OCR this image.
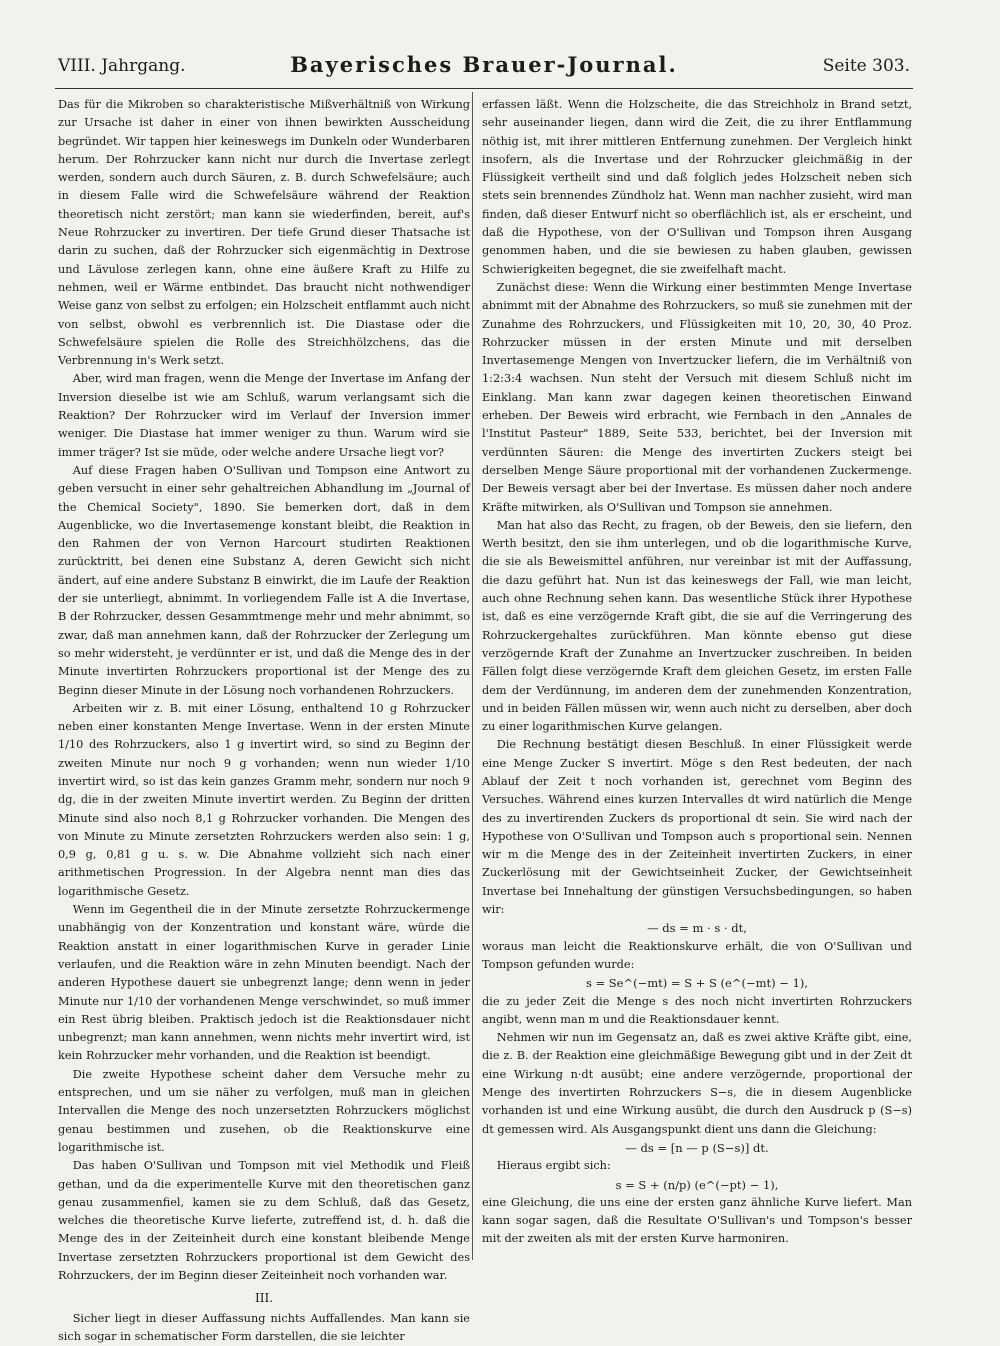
VIII. Jahrgang.	Bayerisches Brauer-Journal.	Seite 303.

Das für die Mikroben so charakteristische Mißverhältniß von Wirkung zur Ursache ist daher in einer von ihnen bewirkten Ausscheidung begründet. Wir tappen hier keineswegs im Dunkeln oder Wunderbaren herum. Der Rohrzucker kann nicht nur durch die Invertase zerlegt werden, sondern auch durch Säuren, z. B. durch Schwefelsäure; auch in diesem Falle wird die Schwefelsäure während der Reaktion theoretisch nicht zerstört; man kann sie wiederfinden, bereit, auf's Neue Rohrzucker zu invertiren. Der tiefe Grund dieser Thatsache ist darin zu suchen, daß der Rohrzucker sich eigenmächtig in Dextrose und Lävulose zerlegen kann, ohne eine äußere Kraft zu Hilfe zu nehmen, weil er Wärme entbindet. Das braucht nicht nothwendiger Weise ganz von selbst zu erfolgen; ein Holzscheit entflammt auch nicht von selbst, obwohl es verbrennlich ist. Die Diastase oder die Schwefelsäure spielen die Rolle des Streichhölzchens, das die Verbrennung in's Werk setzt.

Aber, wird man fragen, wenn die Menge der Invertase im Anfang der Inversion dieselbe ist wie am Schluß, warum verlangsamt sich die Reaktion? Der Rohrzucker wird im Verlauf der Inversion immer weniger. Die Diastase hat immer weniger zu thun. Warum wird sie immer träger? Ist sie müde, oder welche andere Ursache liegt vor?

Auf diese Fragen haben O'Sullivan und Tompson eine Antwort zu geben versucht in einer sehr gehaltreichen Abhandlung im „Journal of the Chemical Society", 1890. Sie bemerken dort, daß in dem Augenblicke, wo die Invertasemenge konstant bleibt, die Reaktion in den Rahmen der von Vernon Harcourt studirten Reaktionen zurücktritt, bei denen eine Substanz A, deren Gewicht sich nicht ändert, auf eine andere Substanz B einwirkt, die im Laufe der Reaktion der sie unterliegt, abnimmt. In vorliegendem Falle ist A die Invertase, B der Rohrzucker, dessen Gesammtmenge mehr und mehr abnimmt, so zwar, daß man annehmen kann, daß der Rohrzucker der Zerlegung um so mehr widersteht, je verdünnter er ist, und daß die Menge des in der Minute invertirten Rohrzuckers proportional ist der Menge des zu Beginn dieser Minute in der Lösung noch vorhandenen Rohrzuckers.

Arbeiten wir z. B. mit einer Lösung, enthaltend 10 g Rohrzucker neben einer konstanten Menge Invertase. Wenn in der ersten Minute 1/10 des Rohrzuckers, also 1 g invertirt wird, so sind zu Beginn der zweiten Minute nur noch 9 g vorhanden; wenn nun wieder 1/10 invertirt wird, so ist das kein ganzes Gramm mehr, sondern nur noch 9 dg, die in der zweiten Minute invertirt werden. Zu Beginn der dritten Minute sind also noch 8,1 g Rohrzucker vorhanden. Die Mengen des von Minute zu Minute zersetzten Rohrzuckers werden also sein: 1 g, 0,9 g, 0,81 g u. s. w. Die Abnahme vollzieht sich nach einer arithmetischen Progression. In der Algebra nennt man dies das logarithmische Gesetz.

Wenn im Gegentheil die in der Minute zersetzte Rohrzuckermenge unabhängig von der Konzentration und konstant wäre, würde die Reaktion anstatt in einer logarithmischen Kurve in gerader Linie verlaufen, und die Reaktion wäre in zehn Minuten beendigt. Nach der anderen Hypothese dauert sie unbegrenzt lange; denn wenn in jeder Minute nur 1/10 der vorhandenen Menge verschwindet, so muß immer ein Rest übrig bleiben. Praktisch jedoch ist die Reaktionsdauer nicht unbegrenzt; man kann annehmen, wenn nichts mehr invertirt wird, ist kein Rohrzucker mehr vorhanden, und die Reaktion ist beendigt.

Die zweite Hypothese scheint daher dem Versuche mehr zu entsprechen, und um sie näher zu verfolgen, muß man in gleichen Intervallen die Menge des noch unzersetzten Rohrzuckers möglichst genau bestimmen und zusehen, ob die Reaktionskurve eine logarithmische ist.

Das haben O'Sullivan und Tompson mit viel Methodik und Fleiß gethan, und da die experimentelle Kurve mit den theoretischen ganz genau zusammenfiel, kamen sie zu dem Schluß, daß das Gesetz, welches die theoretische Kurve lieferte, zutreffend ist, d. h. daß die Menge des in der Zeiteinheit durch eine konstant bleibende Menge Invertase zersetzten Rohrzuckers proportional ist dem Gewicht des Rohrzuckers, der im Beginn dieser Zeiteinheit noch vorhanden war.

III.

Sicher liegt in dieser Auffassung nichts Auffallendes. Man kann sie sich sogar in schematischer Form darstellen, die sie leichter

erfassen läßt. Wenn die Holzscheite, die das Streichholz in Brand setzt, sehr auseinander liegen, dann wird die Zeit, die zu ihrer Entflammung nöthig ist, mit ihrer mittleren Entfernung zunehmen. Der Vergleich hinkt insofern, als die Invertase und der Rohrzucker gleichmäßig in der Flüssigkeit vertheilt sind und daß folglich jedes Holzscheit neben sich stets sein brennendes Zündholz hat. Wenn man nachher zusieht, wird man finden, daß dieser Entwurf nicht so oberflächlich ist, als er erscheint, und daß die Hypothese, von der O'Sullivan und Tompson ihren Ausgang genommen haben, und die sie bewiesen zu haben glauben, gewissen Schwierigkeiten begegnet, die sie zweifelhaft macht.

Zunächst diese: Wenn die Wirkung einer bestimmten Menge Invertase abnimmt mit der Abnahme des Rohrzuckers, so muß sie zunehmen mit der Zunahme des Rohrzuckers, und Flüssigkeiten mit 10, 20, 30, 40 Proz. Rohrzucker müssen in der ersten Minute und mit derselben Invertasemenge Mengen von Invertzucker liefern, die im Verhältniß von 1:2:3:4 wachsen. Nun steht der Versuch mit diesem Schluß nicht im Einklang. Man kann zwar dagegen keinen theoretischen Einwand erheben. Der Beweis wird erbracht, wie Fernbach in den „Annales de l'Institut Pasteur" 1889, Seite 533, berichtet, bei der Inversion mit verdünnten Säuren: die Menge des invertirten Zuckers steigt bei derselben Menge Säure proportional mit der vorhandenen Zuckermenge. Der Beweis versagt aber bei der Invertase. Es müssen daher noch andere Kräfte mitwirken, als O'Sullivan und Tompson sie annehmen.

Man hat also das Recht, zu fragen, ob der Beweis, den sie liefern, den Werth besitzt, den sie ihm unterlegen, und ob die logarithmische Kurve, die sie als Beweismittel anführen, nur vereinbar ist mit der Auffassung, die dazu geführt hat. Nun ist das keineswegs der Fall, wie man leicht, auch ohne Rechnung sehen kann. Das wesentliche Stück ihrer Hypothese ist, daß es eine verzögernde Kraft gibt, die sie auf die Verringerung des Rohrzuckergehaltes zurückführen. Man könnte ebenso gut diese verzögernde Kraft der Zunahme an Invertzucker zuschreiben. In beiden Fällen folgt diese verzögernde Kraft dem gleichen Gesetz, im ersten Falle dem der Verdünnung, im anderen dem der zunehmenden Konzentration, und in beiden Fällen müssen wir, wenn auch nicht zu derselben, aber doch zu einer logarithmischen Kurve gelangen.

Die Rechnung bestätigt diesen Beschluß. In einer Flüssigkeit werde eine Menge Zucker S invertirt. Möge s den Rest bedeuten, der nach Ablauf der Zeit t noch vorhanden ist, gerechnet vom Beginn des Versuches. Während eines kurzen Intervalles dt wird natürlich die Menge des zu invertirenden Zuckers ds proportional dt sein. Sie wird nach der Hypothese von O'Sullivan und Tompson auch s proportional sein. Nennen wir m die Menge des in der Zeiteinheit invertirten Zuckers, in einer Zuckerlösung mit der Gewichtseinheit Zucker, der Gewichtseinheit Invertase bei Innehaltung der günstigen Versuchsbedingungen, so haben wir:

— ds = m · s · dt,

woraus man leicht die Reaktionskurve erhält, die von O'Sullivan und Tompson gefunden wurde:

s = Se^(−mt) = S + S (e^(−mt) − 1),

die zu jeder Zeit die Menge s des noch nicht invertirten Rohrzuckers angibt, wenn man m und die Reaktionsdauer kennt.

Nehmen wir nun im Gegensatz an, daß es zwei aktive Kräfte gibt, eine, die z. B. der Reaktion eine gleichmäßige Bewegung gibt und in der Zeit dt eine Wirkung n·dt ausübt; eine andere verzögernde, proportional der Menge des invertirten Rohrzuckers S−s, die in diesem Augenblicke vorhanden ist und eine Wirkung ausübt, die durch den Ausdruck p (S−s) dt gemessen wird. Als Ausgangspunkt dient uns dann die Gleichung:

— ds = [n — p (S−s)] dt.

Hieraus ergibt sich:

s = S + (n/p) (e^(−pt) − 1),

eine Gleichung, die uns eine der ersten ganz ähnliche Kurve liefert. Man kann sogar sagen, daß die Resultate O'Sullivan's und Tompson's besser mit der zweiten als mit der ersten Kurve harmoniren.
